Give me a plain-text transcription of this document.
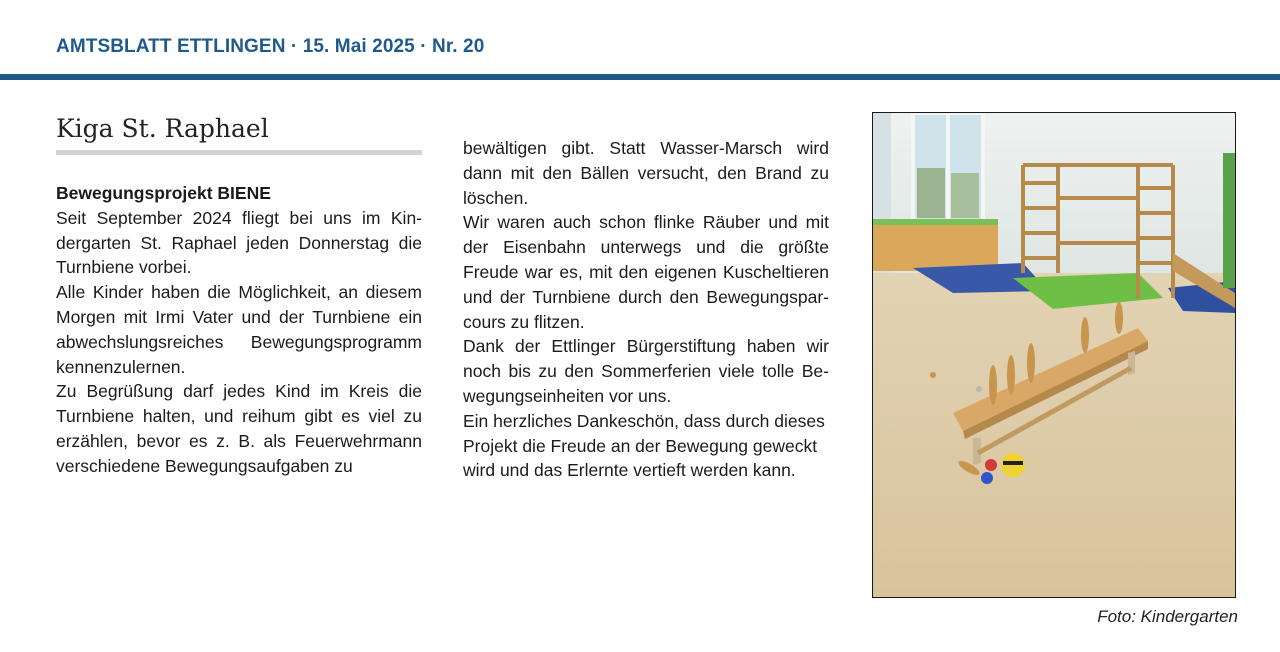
AMTSBLATT ETTLINGEN · 15. Mai 2025 · Nr. 20
Kiga St. Raphael
Bewegungsprojekt BIENE

Seit September 2024 fliegt bei uns im Kindergarten St. Raphael jeden Donnerstag die Turnbiene vorbei.

Alle Kinder haben die Möglichkeit, an diesem Morgen mit Irmi Vater und der Turnbiene ein abwechslungsreiches Bewegungsprogramm kennenzulernen.

Zu Begrüßung darf jedes Kind im Kreis die Turnbiene halten, und reihum gibt es viel zu erzählen, bevor es z. B. als Feuerwehrmann verschiedene Bewegungsaufgaben zu

bewältigen gibt. Statt Wasser-Marsch wird dann mit den Bällen versucht, den Brand zu löschen.

Wir waren auch schon flinke Räuber und mit der Eisenbahn unterwegs und die größte Freude war es, mit den eigenen Kuscheltieren und der Turnbiene durch den Bewegungsparcours zu flitzen.

Dank der Ettlinger Bürgerstiftung haben wir noch bis zu den Sommerferien viele tolle Bewegungseinheiten vor uns.

Ein herzliches Dankeschön, dass durch dieses Projekt die Freude an der Bewegung geweckt wird und das Erlernte vertieft werden kann.

Foto: Kindergarten
